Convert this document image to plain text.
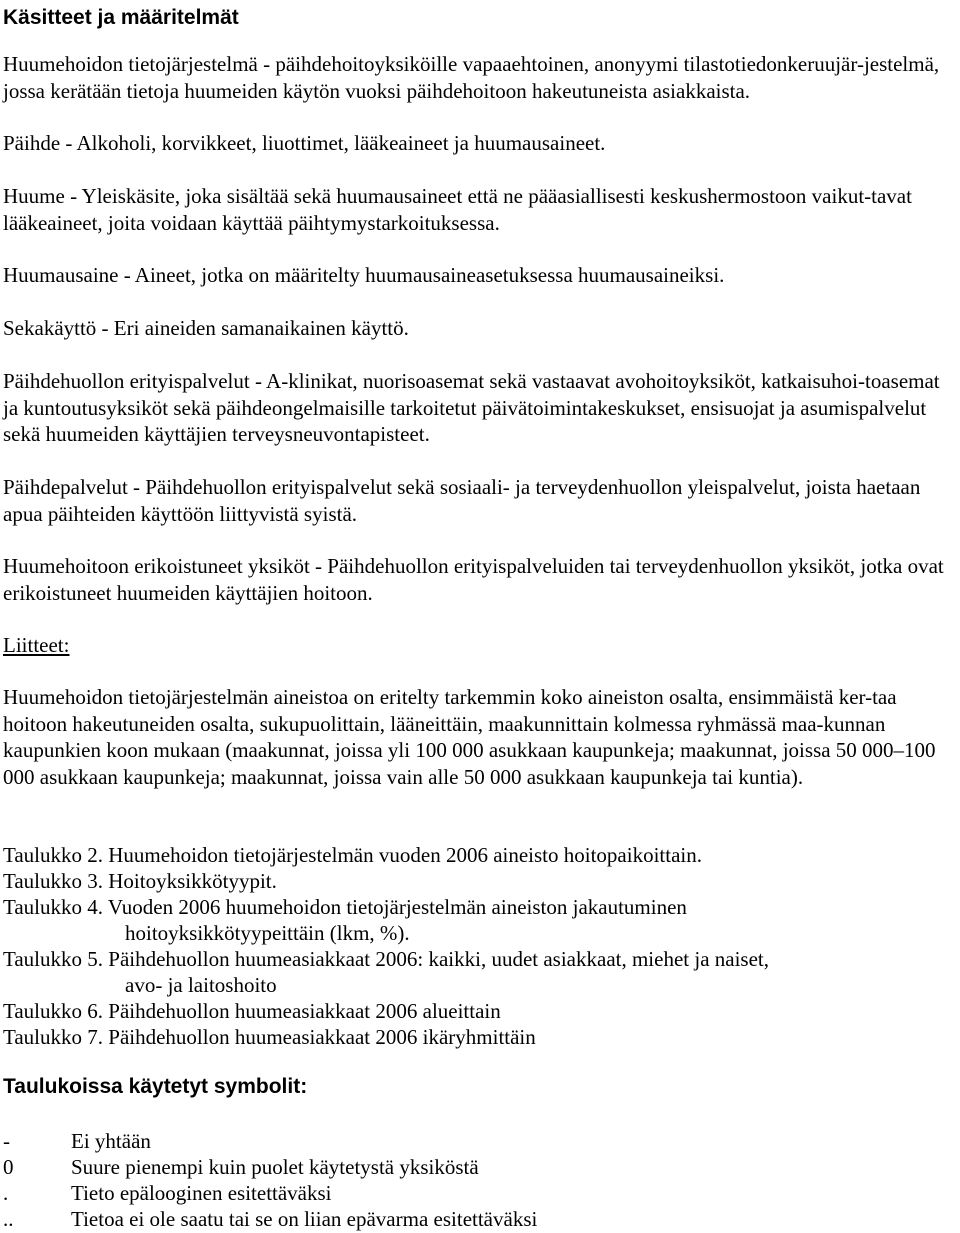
Käsitteet ja määritelmät

Huumehoidon tietojärjestelmä - päihdehoitoyksiköille vapaaehtoinen, anonyymi tilastotiedonkeruujär-jestelmä, jossa kerätään tietoja huumeiden käytön vuoksi päihdehoitoon hakeutuneista asiakkaista.

Päihde - Alkoholi, korvikkeet, liuottimet, lääkeaineet ja huumausaineet.

Huume - Yleiskäsite, joka sisältää sekä huumausaineet että ne pääasiallisesti keskushermostoon vaikut-tavat lääkeaineet, joita voidaan käyttää päihtymystarkoituksessa.

Huumausaine - Aineet, jotka on määritelty huumausaineasetuksessa huumausaineiksi.

Sekakäyttö - Eri aineiden samanaikainen käyttö.

Päihdehuollon erityispalvelut - A-klinikat, nuorisoasemat sekä vastaavat avohoitoyksiköt, katkaisuhoi-toasemat ja kuntoutusyksiköt sekä päihdeongelmaisille tarkoitetut päivätoimintakeskukset, ensisuojat ja asumispalvelut sekä huumeiden käyttäjien terveysneuvontapisteet.

Päihdepalvelut - Päihdehuollon erityispalvelut sekä sosiaali- ja terveydenhuollon yleispalvelut, joista haetaan apua päihteiden käyttöön liittyvistä syistä.

Huumehoitoon erikoistuneet yksiköt - Päihdehuollon erityispalveluiden tai terveydenhuollon yksiköt, jotka ovat erikoistuneet huumeiden käyttäjien hoitoon.

Liitteet:

Huumehoidon tietojärjestelmän aineistoa on eritelty tarkemmin koko aineiston osalta, ensimmäistä ker-taa hoitoon hakeutuneiden osalta, sukupuolittain, lääneittäin, maakunnittain kolmessa ryhmässä maa-kunnan kaupunkien koon mukaan (maakunnat, joissa yli 100 000 asukkaan kaupunkeja; maakunnat, joissa 50 000–100 000 asukkaan kaupunkeja; maakunnat, joissa vain alle 50 000 asukkaan kaupunkeja tai kuntia).

Taulukko 2. Huumehoidon tietojärjestelmän vuoden 2006 aineisto hoitopaikoittain.
Taulukko 3. Hoitoyksikkötyypit.
Taulukko 4. Vuoden 2006 huumehoidon tietojärjestelmän aineiston jakautuminen
hoitoyksikkötyypeittäin (lkm, %).
Taulukko 5. Päihdehuollon huumeasiakkaat 2006: kaikki, uudet asiakkaat, miehet ja naiset,
avo- ja laitoshoito
Taulukko 6. Päihdehuollon huumeasiakkaat 2006 alueittain
Taulukko 7. Päihdehuollon huumeasiakkaat 2006 ikäryhmittäin
Taulukoissa käytetyt symbolit:
-	Ei yhtään
0	Suure pienempi kuin puolet käytetystä yksiköstä
.	Tieto epälooginen esitettäväksi
..	Tietoa ei ole saatu tai se on liian epävarma esitettäväksi
